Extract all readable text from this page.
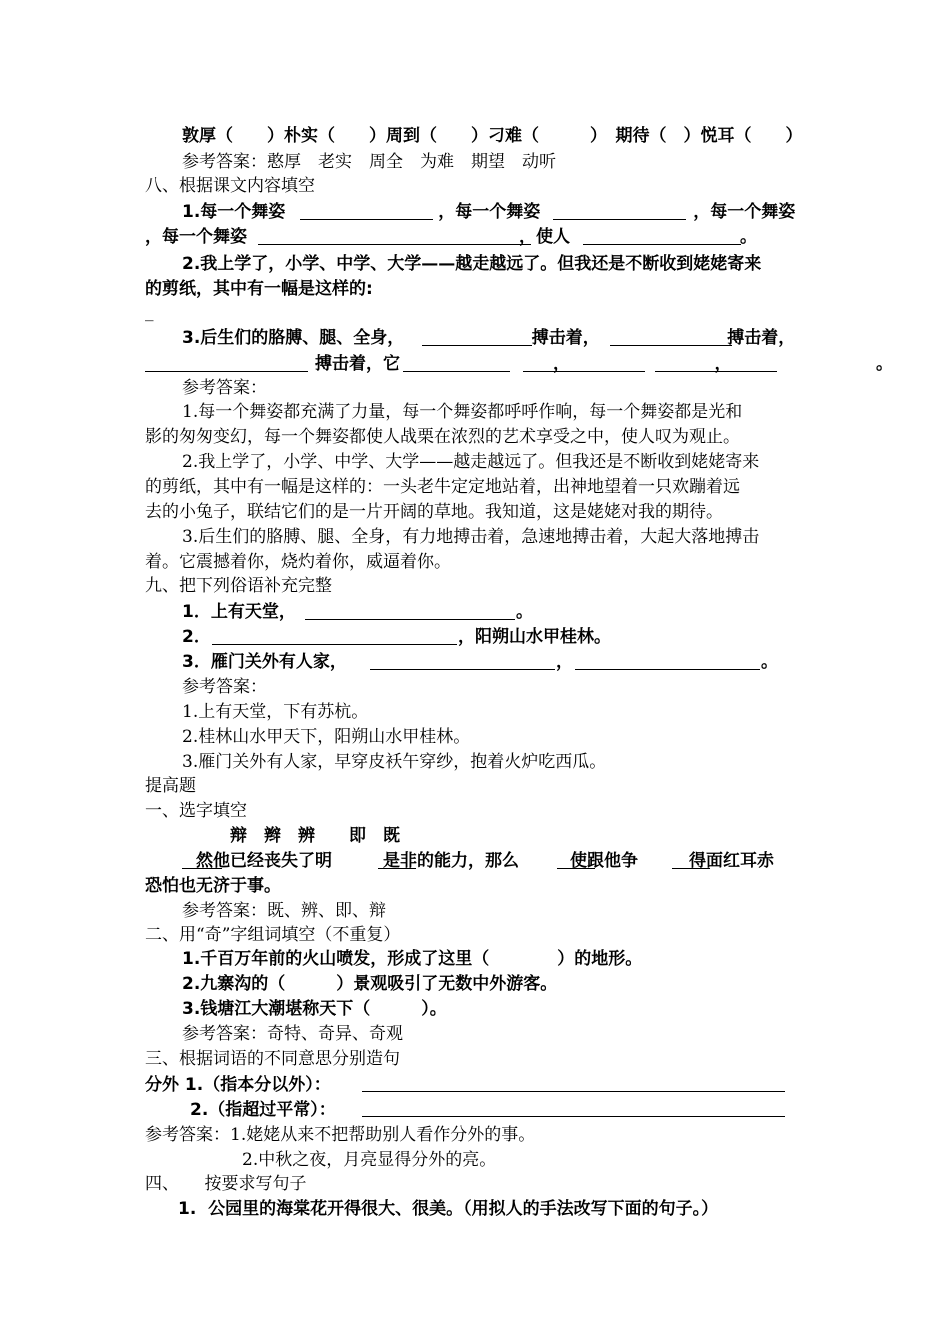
敦厚（　　）朴实（　　）周到（　　）刁难（　　　）　期待（　）悦耳（　　）
参考答案：憨厚　老实　周全　为难　期望　动听
八、根据课文内容填空
1.每一个舞姿　　　　　　　　　，每一个舞姿　　　　　　　　　，每一个舞姿
，每一个舞姿　　　　　　　　　　　　　　　　，使人　　　　　　　　　　。
2.我上学了，小学、中学、大学——越走越远了。但我还是不断收到姥姥寄来
的剪纸，其中有一幅是这样的:
_
3.后生们的胳膊、腿、全身，　　　　　　　　搏击着，　　　　　　　　搏击着，
　　　　　　　　　　搏击着，它　　　　　　　　　，　　　　　　　　　，　　　　　　　　　。
参考答案：
1.每一个舞姿都充满了力量，每一个舞姿都呼呼作响，每一个舞姿都是光和
影的匆匆变幻，每一个舞姿都使人战栗在浓烈的艺术享受之中，使人叹为观止。
2.我上学了，小学、中学、大学——越走越远了。但我还是不断收到姥姥寄来
的剪纸，其中有一幅是这样的：一头老牛定定地站着，出神地望着一只欢蹦着远
去的小兔子，联结它们的是一片开阔的草地。我知道，这是姥姥对我的期待。
3.后生们的胳膊、腿、全身，有力地搏击着，急速地搏击着，大起大落地搏击
着。它震撼着你，烧灼着你，威逼着你。
九、把下列俗语补充完整
1．上有天堂，	。
2．	，阳朔山水甲桂林。
3．雁门关外有人家，	，	。
参考答案：
1.上有天堂，下有苏杭。
2.桂林山水甲天下，阳朔山水甲桂林。
3.雁门关外有人家，早穿皮袄午穿纱，抱着火炉吃西瓜。
提高题
一、选字填空
辩　辫　辨　　即　既
　　　然他已经丧失了明　　　是非的能力，那么　　　使跟他争　　　得面红耳赤
恐怕也无济于事。
参考答案：既、辨、即、辩
二、用“奇”字组词填空（不重复）
1.千百万年前的火山喷发，形成了这里（　　　　）的地形。
2.九寨沟的（　　　）景观吸引了无数中外游客。
3.钱塘江大潮堪称天下（　　　）。
参考答案：奇特、奇异、奇观
三、根据词语的不同意思分别造句
分外 1.（指本分以外）：
2.（指超过平常）：
参考答案：1.姥姥从来不把帮助别人看作分外的事。
2.中秋之夜，月亮显得分外的亮。
四、　　按要求写句子
1.  公园里的海棠花开得很大、很美。（用拟人的手法改写下面的句子。）
